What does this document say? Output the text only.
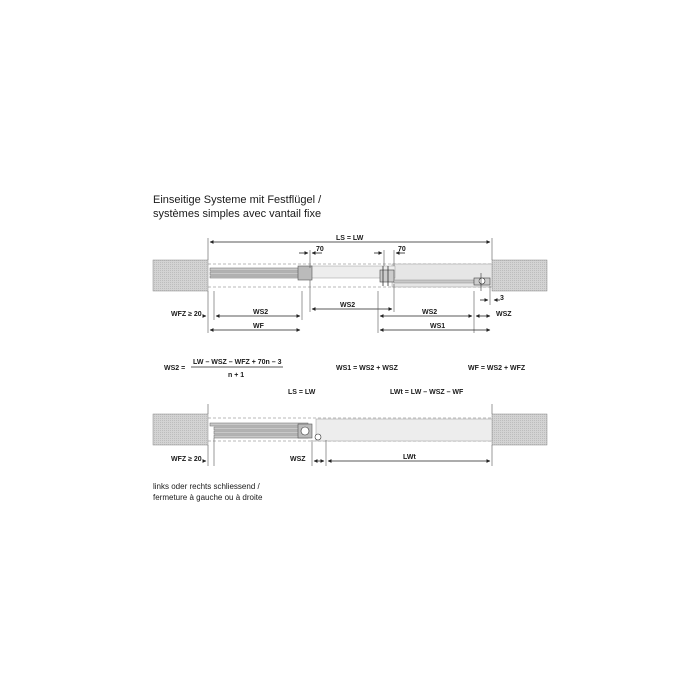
Einseitige Systeme mit Festflügel /
systèmes simples avec vantail fixe
LS = LW
70	70
WS2
3
WFZ ≥ 20	WS2	WS2	WSZ
WF	WS1
WS2 =
LW – WSZ – WFZ + 70n – 3
n + 1
WS1 = WS2 + WSZ	WF = WS2 + WFZ
LS = LW	LWt = LW – WSZ – WF
WFZ ≥ 20	WSZ	LWt
links oder rechts schliessend /
fermeture à gauche ou à droite
